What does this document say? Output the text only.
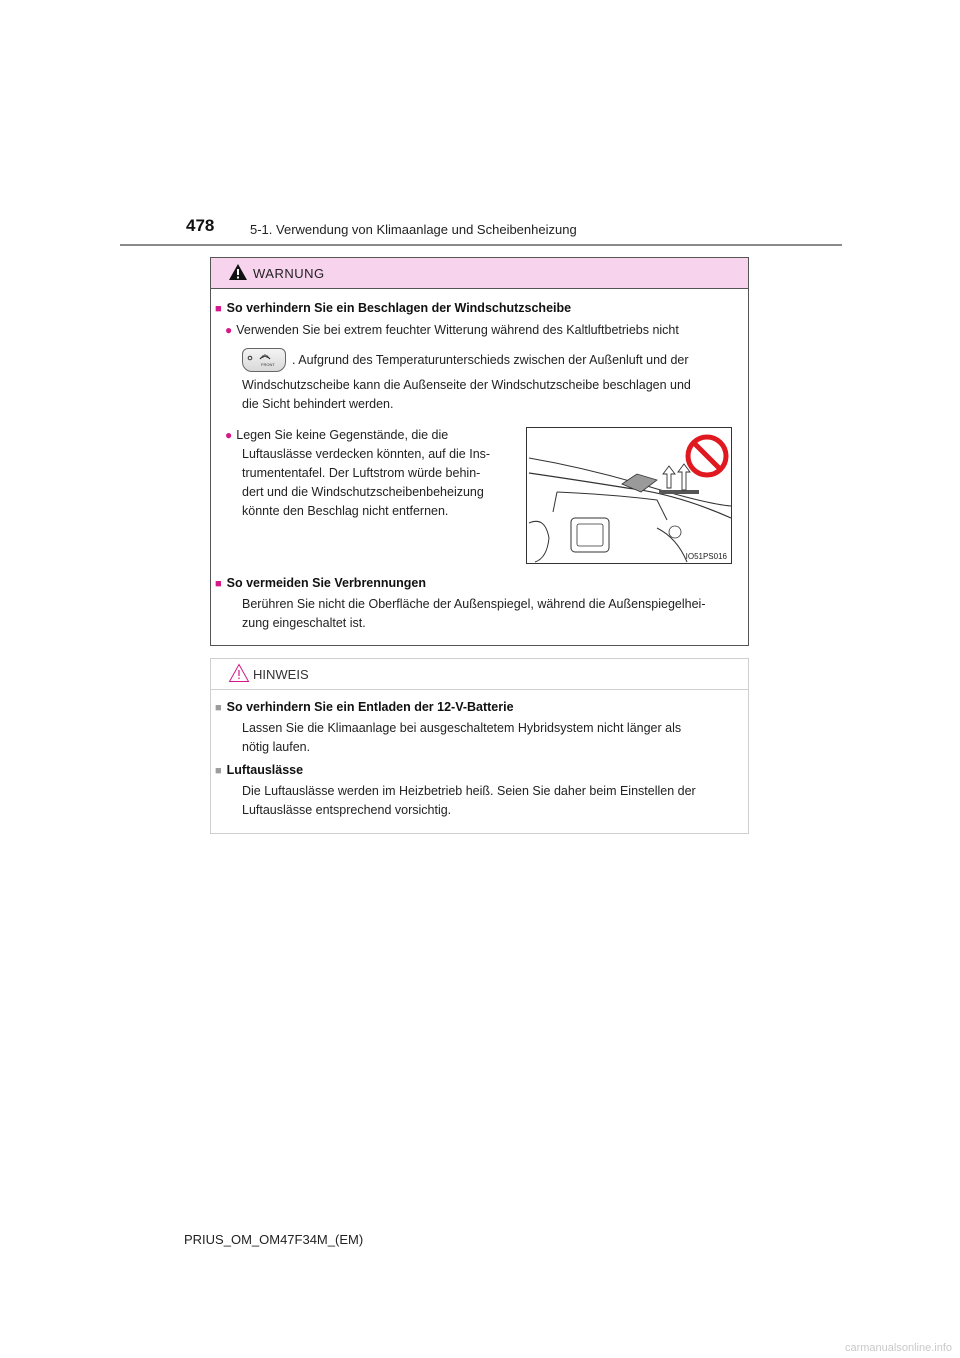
478	5-1. Verwendung von Klimaanlage und Scheibenheizung
WARNUNG
■ So verhindern Sie ein Beschlagen der Windschutzscheibe
● Verwenden Sie bei extrem feuchter Witterung während des Kaltluftbetriebs nicht
FRONT . Aufgrund des Temperaturunterschieds zwischen der Außenluft und der
Windschutzscheibe kann die Außenseite der Windschutzscheibe beschlagen und
die Sicht behindert werden.
● Legen Sie keine Gegenstände, die die
Luftauslässe verdecken könnten, auf die Ins-
trumententafel. Der Luftstrom würde behin-
dert und die Windschutzscheibenbeheizung
könnte den Beschlag nicht entfernen.
IO51PS016
■ So vermeiden Sie Verbrennungen
Berühren Sie nicht die Oberfläche der Außenspiegel, während die Außenspiegelhei-
zung eingeschaltet ist.
HINWEIS
■ So verhindern Sie ein Entladen der 12-V-Batterie
Lassen Sie die Klimaanlage bei ausgeschaltetem Hybridsystem nicht länger als
nötig laufen.
■ Luftauslässe
Die Luftauslässe werden im Heizbetrieb heiß. Seien Sie daher beim Einstellen der
Luftauslässe entsprechend vorsichtig.
PRIUS_OM_OM47F34M_(EM)
carmanualsonline.info
